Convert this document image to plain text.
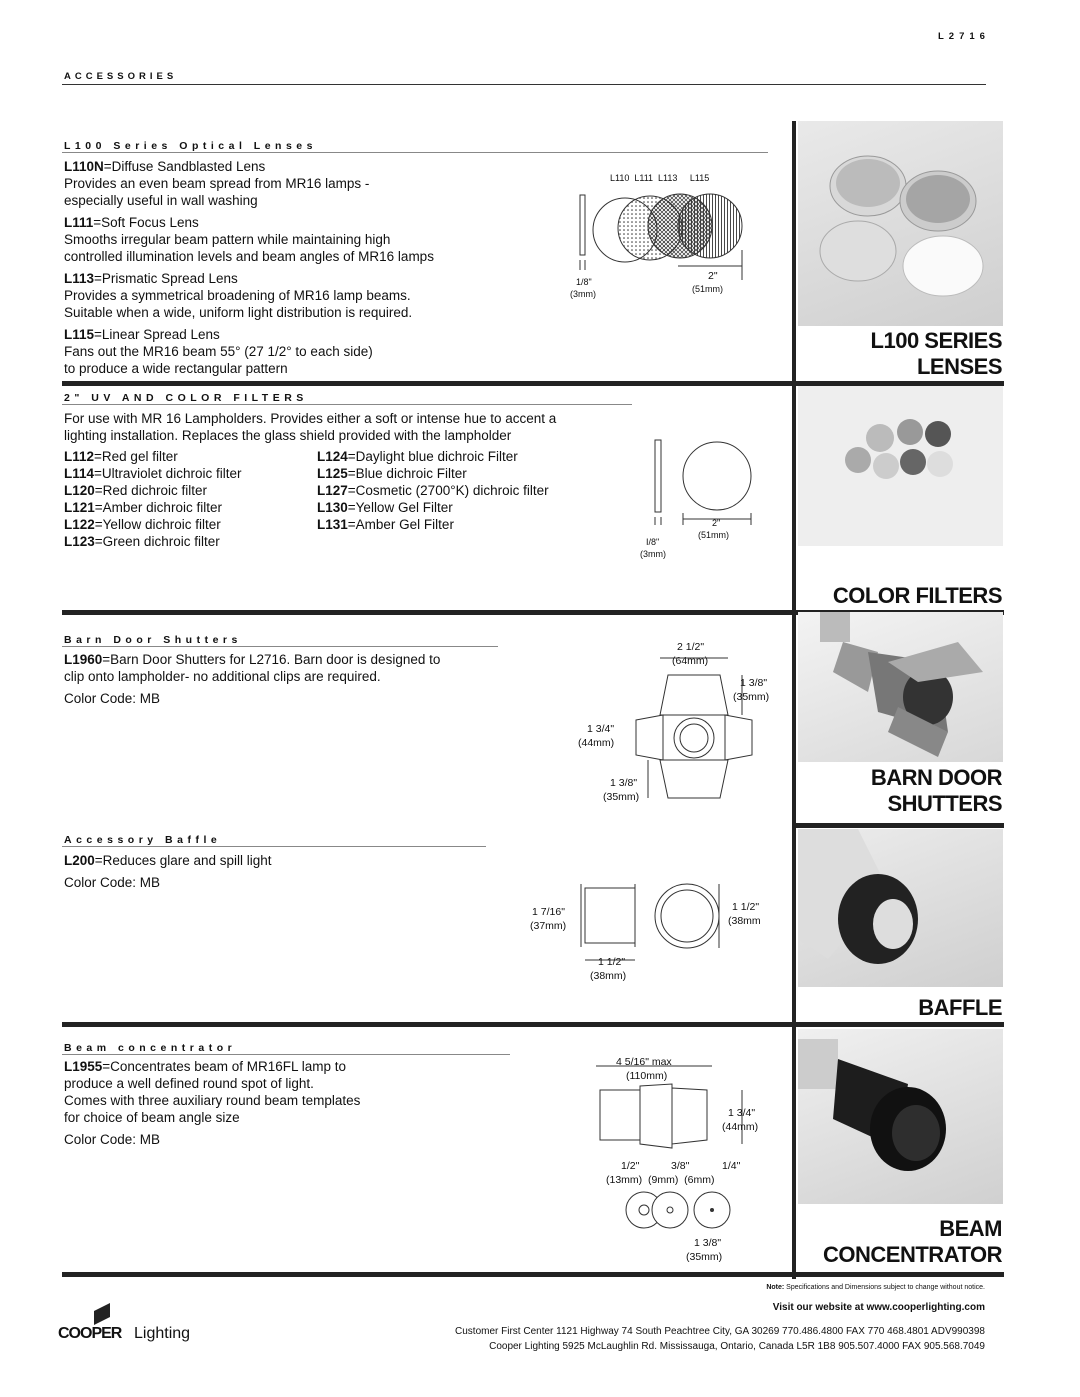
L2716
ACCESSORIES
L100 Series Optical Lenses
L110N=Diffuse Sandblasted Lens
Provides an even beam spread from MR16 lamps -
especially useful in wall washing
L111=Soft Focus Lens
Smooths irregular beam pattern while maintaining high
controlled illumination levels and beam angles of MR16 lamps
L113=Prismatic Spread Lens
Provides a symmetrical broadening of MR16 lamp beams.
Suitable when a wide, uniform light distribution is required.
L115=Linear Spread Lens
Fans out the MR16 beam 55° (27 1/2° to each side)
to produce a wide rectangular pattern
L110  L111  L113     L115
1/8"
(3mm)
2"
(51mm)
L100 SERIES
LENSES
2" UV AND COLOR FILTERS
For use with MR 16 Lampholders. Provides either a soft or intense hue to accent a
lighting installation. Replaces the glass shield provided with the lampholder
L112=Red gel filter
L114=Ultraviolet dichroic filter
L120=Red dichroic filter
L121=Amber dichroic filter
L122=Yellow dichroic filter
L123=Green dichroic filter
L124=Daylight blue dichroic Filter
L125=Blue dichroic Filter
L127=Cosmetic (2700°K) dichroic filter
L130=Yellow Gel Filter
L131=Amber Gel Filter	2"
(51mm)
I/8"
(3mm)
COLOR FILTERS
Barn Door Shutters
L1960=Barn Door Shutters for L2716. Barn door is designed to
clip onto lampholder- no additional clips are required.
Color Code: MB
2 1/2"
(64mm)
1 3/8"
(35mm)
1 3/4"
(44mm)
1 3/8"
(35mm)
BARN DOOR
SHUTTERS
Accessory Baffle
L200=Reduces glare and spill light
Color Code: MB
1 7/16"
(37mm)
1 1/2"
(38mm
1 1/2"
(38mm)
BAFFLE
Beam concentrator
L1955=Concentrates beam of MR16FL lamp to
produce a well defined round spot of light.
Comes with three auxiliary round beam templates
for choice of beam angle size
Color Code: MB
4 5/16" max
(110mm)
1 3/4"
(44mm)
1/2"	3/8"	1/4"
(13mm)  (9mm)  (6mm)
1 3/8"
(35mm)
BEAM
CONCENTRATOR
Note: Specifications and Dimensions subject to change without notice.
Visit our website at www.cooperlighting.com
COOPER Lighting	Customer First Center 1121 Highway 74 South Peachtree City, GA 30269 770.486.4800 FAX 770 468.4801 ADV990398
Cooper Lighting 5925 McLaughlin Rd. Mississauga, Ontario, Canada L5R 1B8 905.507.4000 FAX 905.568.7049
